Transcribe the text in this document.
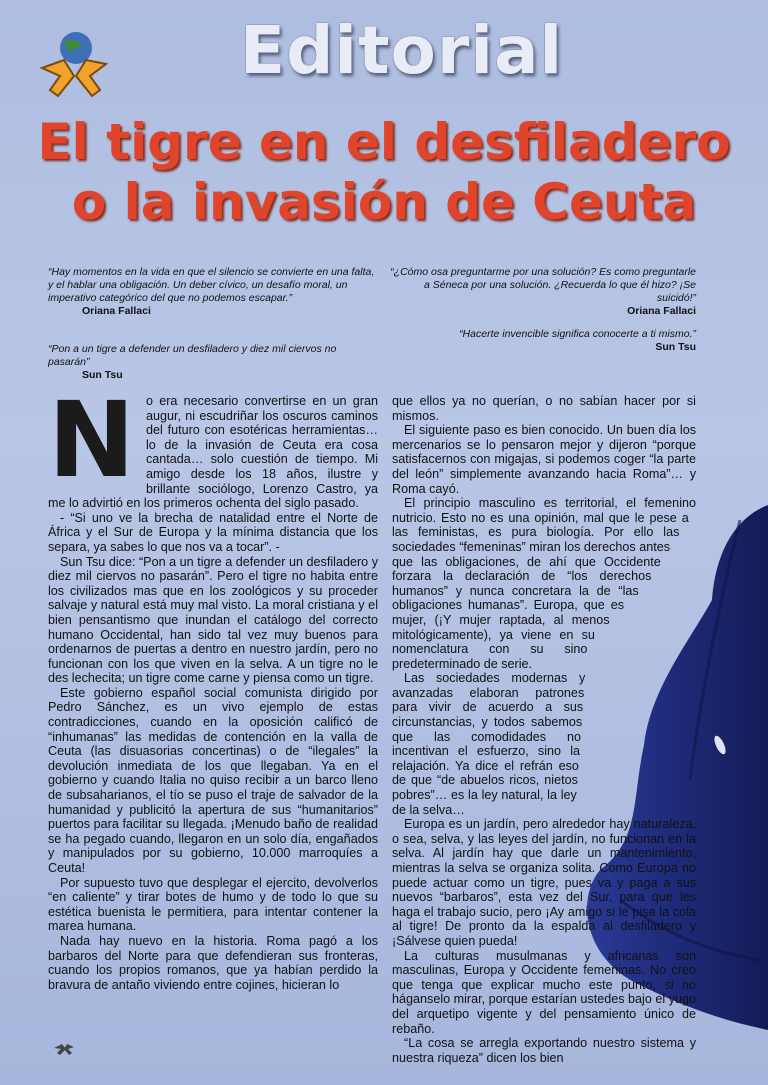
Editorial
El tigre en el desfiladero
o la invasión de Ceuta

“Hay momentos en la vida en que el silencio se convierte en una falta, y el hablar una obligación. Un deber cívico, un desafío moral, un imperativo categórico del que no podemos escapar.”

Oriana Fallaci

“Pon a un tigre a defender un desfiladero y diez mil ciervos no pasarán”

Sun Tsu

“¿Cómo osa preguntarme por una solución? Es como preguntarle a Séneca por una solución. ¿Recuerda lo que él hizo? ¡Se suicidó!”

Oriana Fallaci

“Hacerte invencible significa conocerte a ti mismo.”

Sun Tsu
N o era necesario convertirse en un gran augur, ni escudriñar los oscuros caminos del futuro con esotéricas herramientas… lo de la invasión de Ceuta era cosa cantada… solo cuestión de tiempo. Mi amigo desde los 18 años, ilustre y brillante sociólogo, Lorenzo Castro, ya me lo advirtió en los primeros ochenta del siglo pasado.

- “Si uno ve la brecha de natalidad entre el Norte de África y el Sur de Europa y la mínima distancia que los separa, ya sabes lo que nos va a tocar”. -

Sun Tsu dice: “Pon a un tigre a defender un desfiladero y diez mil ciervos no pasarán”. Pero el tigre no habita entre los civilizados mas que en los zoológicos y su proceder salvaje y natural está muy mal visto. La moral cristiana y el bien pensantismo que inundan el catálogo del correcto humano Occidental, han sido tal vez muy buenos para ordenarnos de puertas a dentro en nuestro jardín, pero no funcionan con los que viven en la selva. A un tigre no le des lechecita; un tigre come carne y piensa como un tigre.

Este gobierno español social comunista dirigido por Pedro Sánchez, es un vivo ejemplo de estas contradicciones, cuando en la oposición calificó de “inhumanas” las medidas de contención en la valla de Ceuta (las disuasorias concertinas) o de “ilegales” la devolución inmediata de los que llegaban. Ya en el gobierno y cuando Italia no quiso recibir a un barco lleno de subsaharianos, el tío se puso el traje de salvador de la humanidad y publicitó la apertura de sus “humanitarios” puertos para facilitar su llegada. ¡Menudo baño de realidad se ha pegado cuando, llegaron en un solo día, engañados y manipulados por su gobierno, 10.000 marroquíes a Ceuta!

Por supuesto tuvo que desplegar el ejercito, devolverlos “en caliente” y tirar botes de humo y de todo lo que su estética buenista le permitiera, para intentar contener la marea humana.

Nada hay nuevo en la historia. Roma pagó a los barbaros del Norte para que defendieran sus fronteras, cuando los propios romanos, que ya habían perdido la bravura de antaño viviendo entre cojines, hicieran lo

que ellos ya no querían, o no sabían hacer por si mismos.

El siguiente paso es bien conocido. Un buen día los mercenarios se lo pensaron mejor y dijeron “porque satisfacernos con migajas, si podemos coger “la parte del león” simplemente avanzando hacia Roma”… y Roma cayó.

El principio masculino es territorial, el femenino nutricio. Esto no es una opinión, mal que le pese a las feministas, es pura biología. Por ello las sociedades “femeninas” miran los derechos antes que las obligaciones, de ahí que Occidente forzara la declaración de “los derechos humanos” y nunca concretara la de “las obligaciones humanas”. Europa, que es mujer, (¡Y mujer raptada, al menos mitológicamente), ya viene en su nomenclatura con su sino predeterminado de serie.

Las sociedades modernas y avanzadas elaboran patrones para vivir de acuerdo a sus circunstancias, y todos sabemos que las comodidades no incentivan el esfuerzo, sino la relajación. Ya dice el refrán eso de que “de abuelos ricos, nietos pobres”… es la ley natural, la ley de la selva…

Europa es un jardín, pero alrededor hay naturaleza, o sea, selva, y las leyes del jardín, no funcionan en la selva. Al jardín hay que darle un mantenimiento, mientras la selva se organiza solita. Como Europa no puede actuar como un tigre, pues va y paga a sus nuevos “barbaros”, esta vez del Sur, para que les haga el trabajo sucio, pero ¡Ay amigo si le pisa la cola al tigre! De pronto da la espalda al desfiladero y ¡Sálvese quien pueda!

La culturas musulmanas y africanas son masculinas, Europa y Occidente femeninas. No creo que tenga que explicar mucho este punto, si no háganselo mirar, porque estarían ustedes bajo el yugo del arquetipo vigente y del pensamiento único de rebaño.

“La cosa se arregla exportando nuestro sistema y nuestra riqueza” dicen los bien
